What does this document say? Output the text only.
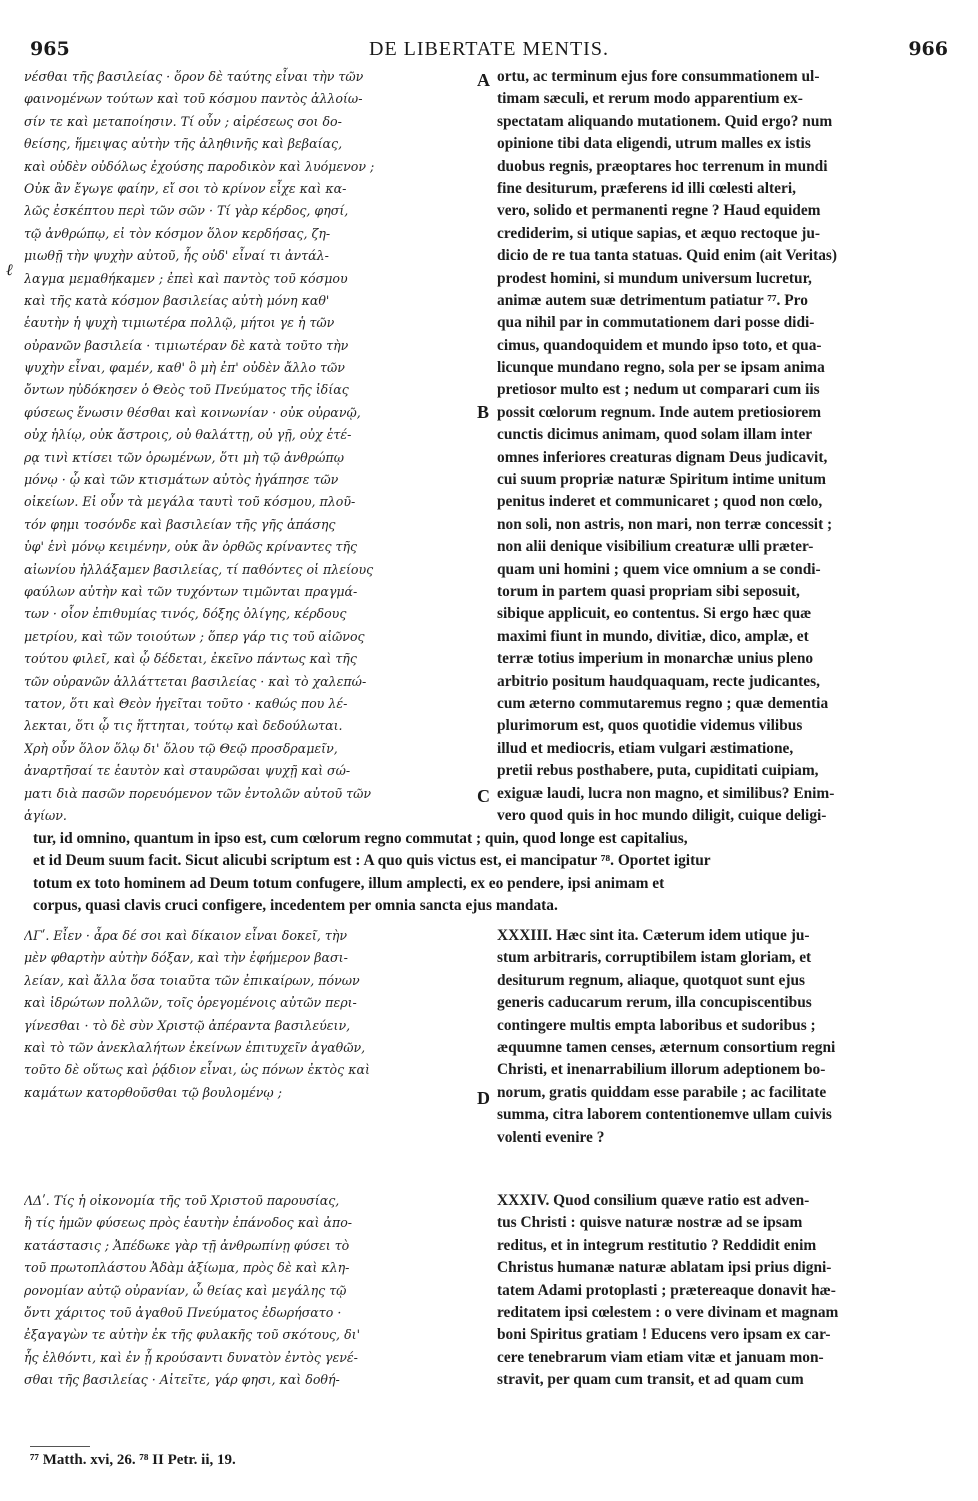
965	DE LIBERTATE MENTIS.	966
ℓ
A
B
C
D
νέσθαι τῆς βασιλείας · ὅρον δὲ ταύτης εἶναι τὴν τῶν
φαινομένων τούτων καὶ τοῦ κόσμου παντὸς ἀλλοίω-
σίν τε καὶ μεταποίησιν. Τί οὖν ; αἱρέσεως σοι δο-
θείσης, ἥμειψας αὐτὴν τῆς ἀληθινῆς καὶ βεβαίας,
καὶ οὐδὲν οὐδόλως ἐχούσης παροδικὸν καὶ λυόμενον ;
Οὐκ ἂν ἔγωγε φαίην, εἴ σοι τὸ κρίνον εἶχε καὶ κα-
λῶς ἐσκέπτου περὶ τῶν σῶν · Τί γὰρ κέρδος, φησί,
τῷ ἀνθρώπῳ, εἰ τὸν κόσμον ὅλον κερδήσας, ζη-
μιωθῇ τὴν ψυχὴν αὐτοῦ, ἧς οὐδ' εἶναί τι ἀντάλ-
λαγμα μεμαθήκαμεν ; ἐπεὶ καὶ παντὸς τοῦ κόσμου
καὶ τῆς κατὰ κόσμον βασιλείας αὐτὴ μόνη καθ'
ἑαυτὴν ἡ ψυχὴ τιμιωτέρα πολλῷ, μήτοι γε ἡ τῶν
οὐρανῶν βασιλεία · τιμιωτέραν δὲ κατὰ τοῦτο τὴν
ψυχὴν εἶναι, φαμέν, καθ' ὃ μὴ ἐπ' οὐδὲν ἄλλο τῶν
ὄντων ηὐδόκησεν ὁ Θεὸς τοῦ Πνεύματος τῆς ἰδίας
φύσεως ἕνωσιν θέσθαι καὶ κοινωνίαν · οὐκ οὐρανῷ,
οὐχ ἡλίῳ, οὐκ ἄστροις, οὐ θαλάττῃ, οὐ γῇ, οὐχ ἑτέ-
ρᾳ τινὶ κτίσει τῶν ὁρωμένων, ὅτι μὴ τῷ ἀνθρώπῳ
μόνῳ · ᾧ καὶ τῶν κτισμάτων αὐτὸς ἠγάπησε τῶν
οἰκείων. Εἰ οὖν τὰ μεγάλα ταυτὶ τοῦ κόσμου, πλοῦ-
τόν φημι τοσόνδε καὶ βασιλείαν τῆς γῆς ἁπάσης
ὑφ' ἑνὶ μόνῳ κειμένην, οὐκ ἂν ὀρθῶς κρίναντες τῆς
αἰωνίου ἠλλάξαμεν βασιλείας, τί παθόντες οἱ πλείους
φαύλων αὐτὴν καὶ τῶν τυχόντων τιμῶνται πραγμά-
των · οἷον ἐπιθυμίας τινός, δόξης ὀλίγης, κέρδους
μετρίου, καὶ τῶν τοιούτων ; ὅπερ γάρ τις τοῦ αἰῶνος
τούτου φιλεῖ, καὶ ᾧ δέδεται, ἐκεῖνο πάντως καὶ τῆς
τῶν οὐρανῶν ἀλλάττεται βασιλείας · καὶ τὸ χαλεπώ-
τατον, ὅτι καὶ Θεὸν ἡγεῖται τοῦτο · καθώς που λέ-
λεκται, ὅτι ᾧ τις ἥττηται, τούτῳ καὶ δεδούλωται.
Χρὴ οὖν ὅλον ὅλῳ δι' ὅλου τῷ Θεῷ προσδραμεῖν,
ἀναρτῆσαί τε ἑαυτὸν καὶ σταυρῶσαι ψυχῇ καὶ σώ-
ματι διὰ πασῶν πορευόμενον τῶν ἐντολῶν αὐτοῦ τῶν
ἁγίων.
ortu, ac terminum ejus fore consummationem ul-
timam sæculi, et rerum modo apparentium ex-
spectatam aliquando mutationem. Quid ergo? num
opinione tibi data eligendi, utrum malles ex istis
duobus regnis, præoptares hoc terrenum in mundi
fine desiturum, præferens id illi cœlesti alteri,
vero, solido et permanenti regne ? Haud equidem
crediderim, si utique sapias, et æquo rectoque ju-
dicio de re tua tanta statuas. Quid enim (ait Veritas)
prodest homini, si mundum universum lucretur,
animæ autem suæ detrimentum patiatur ⁷⁷. Pro
qua nihil par in commutationem dari posse didi-
cimus, quandoquidem et mundo ipso toto, et qua-
licunque mundano regno, sola per se ipsam anima
pretiosor multo est ; nedum ut comparari cum iis
possit cœlorum regnum. Inde autem pretiosiorem
cunctis dicimus animam, quod solam illam inter
omnes inferiores creaturas dignam Deus judicavit,
cui suum propriæ naturæ Spiritum intime unitum
penitus inderet et communicaret ; quod non cœlo,
non soli, non astris, non mari, non terræ concessit ;
non alii denique visibilium creaturæ ulli præter-
quam uni homini ; quem vice omnium a se condi-
torum in partem quasi propriam sibi seposuit,
sibique applicuit, eo contentus. Si ergo hæc quæ
maximi fiunt in mundo, divitiæ, dico, amplæ, et
terræ totius imperium in monarchæ unius pleno
arbitrio positum haudquaquam, recte judicantes,
cum æterno commutaremus regno ; quæ dementia
plurimorum est, quos quotidie videmus vilibus
illud et mediocris, etiam vulgari æstimatione,
pretii rebus posthabere, puta, cupiditati cuipiam,
exiguæ laudi, lucra non magno, et similibus? Enim-
vero quod quis in hoc mundo diligit, cuique deligi-
tur, id omnino, quantum in ipso est, cum cœlorum regno commutat ; quin, quod longe est capitalius,
et id Deum suum facit. Sicut alicubi scriptum est : A quo quis victus est, ei mancipatur ⁷⁸. Oportet igitur
totum ex toto hominem ad Deum totum confugere, illum amplecti, ex eo pendere, ipsi animam et
corpus, quasi clavis cruci configere, incedentem per omnia sancta ejus mandata.
ΛΓʹ. Εἶεν · ἆρα δέ σοι καὶ δίκαιον εἶναι δοκεῖ, τὴν
μὲν φθαρτὴν αὐτὴν δόξαν, καὶ τὴν ἐφήμερον βασι-
λείαν, καὶ ἄλλα ὅσα τοιαῦτα τῶν ἐπικαίρων, πόνων
καὶ ἱδρώτων πολλῶν, τοῖς ὀρεγομένοις αὐτῶν περι-
γίνεσθαι · τὸ δὲ σὺν Χριστῷ ἀπέραντα βασιλεύειν,
καὶ τὸ τῶν ἀνεκλαλήτων ἐκείνων ἐπιτυχεῖν ἀγαθῶν,
τοῦτο δὲ οὕτως καὶ ῥᾴδιον εἶναι, ὡς πόνων ἐκτὸς καὶ
καμάτων κατορθοῦσθαι τῷ βουλομένῳ ;
XXXIII. Hæc sint ita. Cæterum idem utique ju-
stum arbitraris, corruptibilem istam gloriam, et
desiturum regnum, aliaque, quotquot sunt ejus
generis caducarum rerum, illa concupiscentibus
contingere multis empta laboribus et sudoribus ;
æquumne tamen censes, æternum consortium regni
Christi, et inenarrabilium illorum adeptionem bo-
norum, gratis quiddam esse parabile ; ac facilitate
summa, citra laborem contentionemve ullam cuivis
volenti evenire ?
ΛΔʹ. Τίς ἡ οἰκονομία τῆς τοῦ Χριστοῦ παρουσίας,
ἢ τίς ἡμῶν φύσεως πρὸς ἑαυτὴν ἐπάνοδος καὶ ἀπο-
κατάστασις ; Ἀπέδωκε γὰρ τῇ ἀνθρωπίνῃ φύσει τὸ
τοῦ πρωτοπλάστου Ἀδὰμ ἀξίωμα, πρὸς δὲ καὶ κλη-
ρονομίαν αὐτῷ οὐρανίαν, ὦ θείας καὶ μεγάλης τῷ
ὄντι χάριτος τοῦ ἀγαθοῦ Πνεύματος ἐδωρήσατο ·
ἐξαγαγὼν τε αὐτὴν ἐκ τῆς φυλακῆς τοῦ σκότους, δι'
ἧς ἐλθόντι, καὶ ἐν ᾗ κρούσαντι δυνατὸν ἐντὸς γενέ-
σθαι τῆς βασιλείας · Αἰτεῖτε, γάρ φησι, καὶ δοθή-
XXXIV. Quod consilium quæve ratio est adven-
tus Christi : quisve naturæ nostræ ad se ipsam
reditus, et in integrum restitutio ? Reddidit enim
Christus humanæ naturæ ablatam ipsi prius digni-
tatem Adami protoplasti ; prætereaque donavit hæ-
reditatem ipsi cœlestem : o vere divinam et magnam
boni Spiritus gratiam ! Educens vero ipsam ex car-
cere tenebrarum viam etiam vitæ et januam mon-
stravit, per quam cum transit, et ad quam cum
⁷⁷ Matth. xvi, 26. ⁷⁸ II Petr. ii, 19.
